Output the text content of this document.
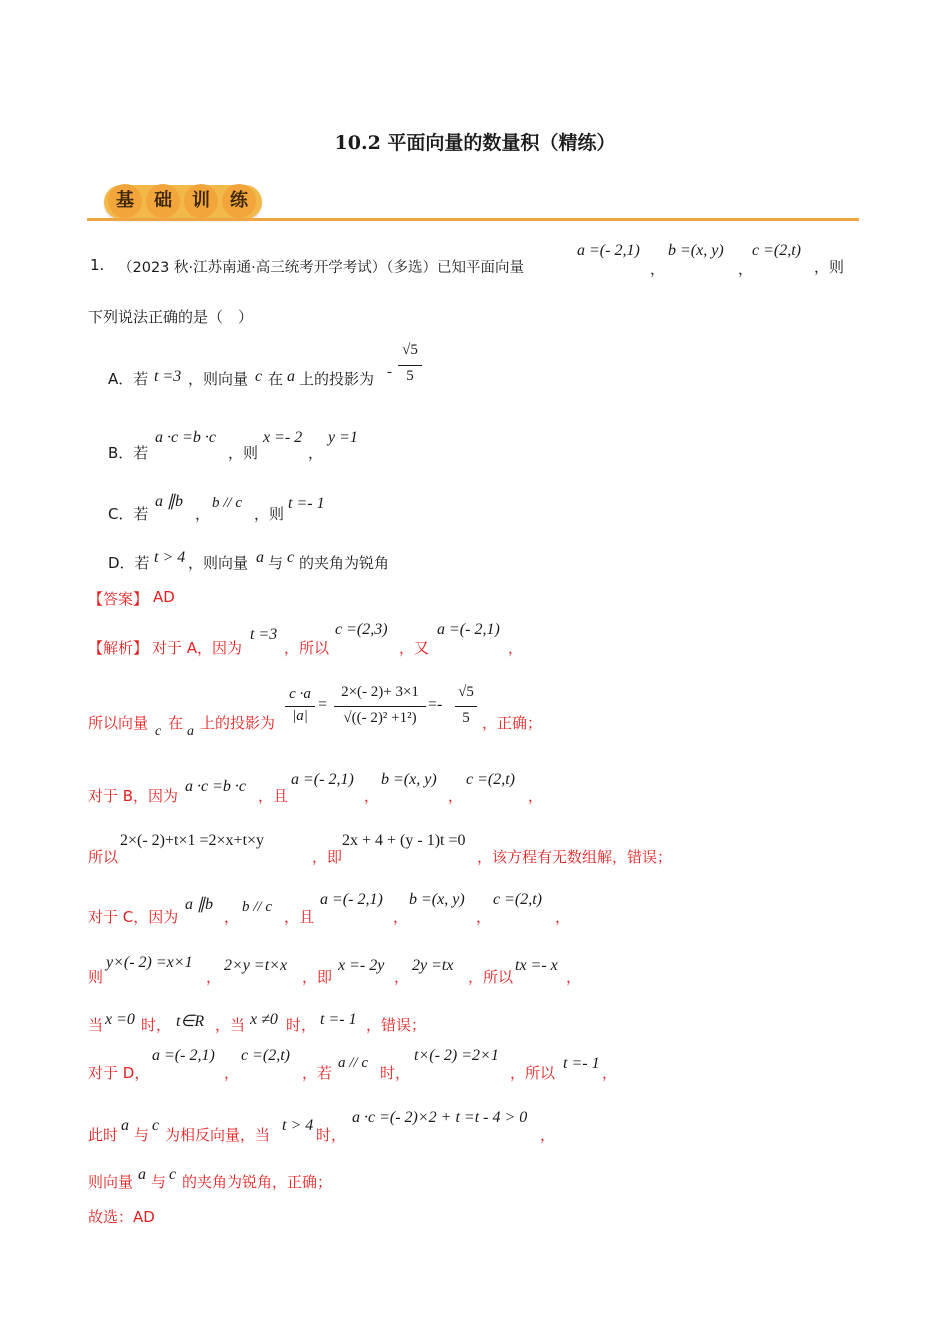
10.2 平面向量的数量积（精练）
基	础	训	练
1. （2023 秋·江苏南通·高三统考开学考试）（多选）已知平面向量
a =(- 2,1)
，
b =(x, y)
，
c =(2,t)
，则
下列说法正确的是（　）
A．若 t =3 ，则向量 c 在 a 上的投影为 -
√5
5
B．若
a ·c =b ·c
，则
x =- 2
，
y =1
C．若
a ∥b
，
b // c
，则
t =- 1
D．若 t > 4 ，则向量 a 与 c 的夹角为锐角
【答案】 AD
【解析】 对于 A，因为
t =3
，所以
c =(2,3)
，又
a =(- 2,1)
，
所以向量 c 在 a 上的投影为
c ·a
|a|
=
2×(- 2)+ 3×1
√((- 2)² +1²)
=-
√5
5 ，正确；
对于 B，因为
a ·c =b ·c
，且
a =(- 2,1)
，
b =(x, y)
，
c =(2,t)
，
所以
2×(- 2)+t×1 =2×x+t×y
，即
2x + 4 + (y - 1)t =0
，该方程有无数组解，错误；
对于 C，因为
a ∥b
，
b // c
，且
a =(- 2,1)
，
b =(x, y)
，
c =(2,t)
，
则
y×(- 2) =x×1
，
2×y =t×x
，即
x =- 2y
，
2y =tx
，所以
tx =- x
，
当 x =0 时， t∈R ，当 x ≠0 时， t =- 1 ，错误；
对于 D，
a =(- 2,1)
，
c =(2,t)
，若
a // c
时，
t×(- 2) =2×1
，所以
t =- 1
，
此时
a
与
c
为相反向量，当
t > 4
时，
a ·c =(- 2)×2 + t =t - 4 > 0
，
则向量 a 与 c 的夹角为锐角，正确；
故选：AD
